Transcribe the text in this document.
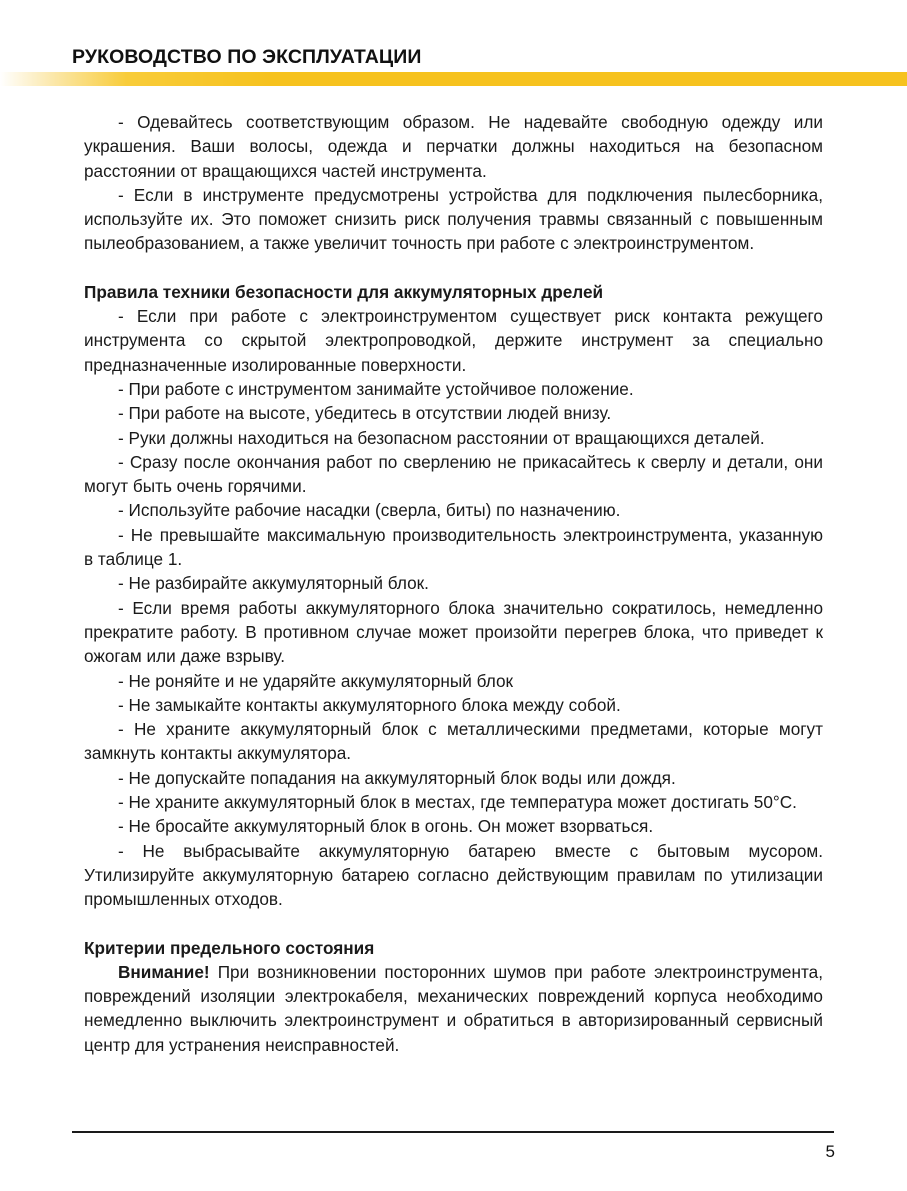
РУКОВОДСТВО ПО ЭКСПЛУАТАЦИИ

- Одевайтесь соответствующим образом. Не надевайте свободную одежду или украшения. Ваши волосы, одежда и перчатки должны находиться на безопасном расстоянии от вращающихся частей инструмента.

- Если в инструменте предусмотрены устройства для подключения пылесборника, используйте их. Это поможет снизить риск получения травмы связанный с повышенным пылеобразованием, а также увеличит точность при работе с электроинструментом.

Правила техники безопасности для аккумуляторных дрелей

- Если при работе с электроинструментом существует риск контакта режущего инструмента со скрытой электропроводкой, держите инструмент за специально предназначенные изолированные поверхности.

- При работе с инструментом занимайте устойчивое положение.

- При работе на высоте, убедитесь в отсутствии людей внизу.

- Руки должны находиться на безопасном расстоянии от вращающихся деталей.

- Сразу после окончания работ по сверлению не прикасайтесь к сверлу и детали, они могут быть очень горячими.

- Используйте рабочие насадки (сверла, биты) по назначению.

- Не превышайте максимальную производительность электроинструмента, указанную в таблице 1.

- Не разбирайте аккумуляторный блок.

- Если время работы аккумуляторного блока значительно сократилось, немедленно прекратите работу. В противном случае может произойти перегрев блока, что приведет к ожогам или даже взрыву.

- Не роняйте и не ударяйте аккумуляторный блок

- Не замыкайте контакты аккумуляторного блока между собой.

- Не храните аккумуляторный блок с металлическими предметами, которые могут замкнуть контакты аккумулятора.

- Не допускайте попадания на аккумуляторный блок воды или дождя.

- Не храните аккумуляторный блок в местах, где температура может достигать 50°С.

- Не бросайте аккумуляторный блок в огонь. Он может взорваться.

- Не выбрасывайте аккумуляторную батарею вместе с бытовым мусором. Утилизируйте аккумуляторную батарею согласно действующим правилам по утилизации промышленных отходов.

Критерии предельного состояния

Внимание! При возникновении посторонних шумов при работе электроинструмента, повреждений изоляции электрокабеля, механических повреждений корпуса необходимо немедленно выключить электроинструмент и обратиться в авторизированный сервисный центр для устранения неисправностей.

5
